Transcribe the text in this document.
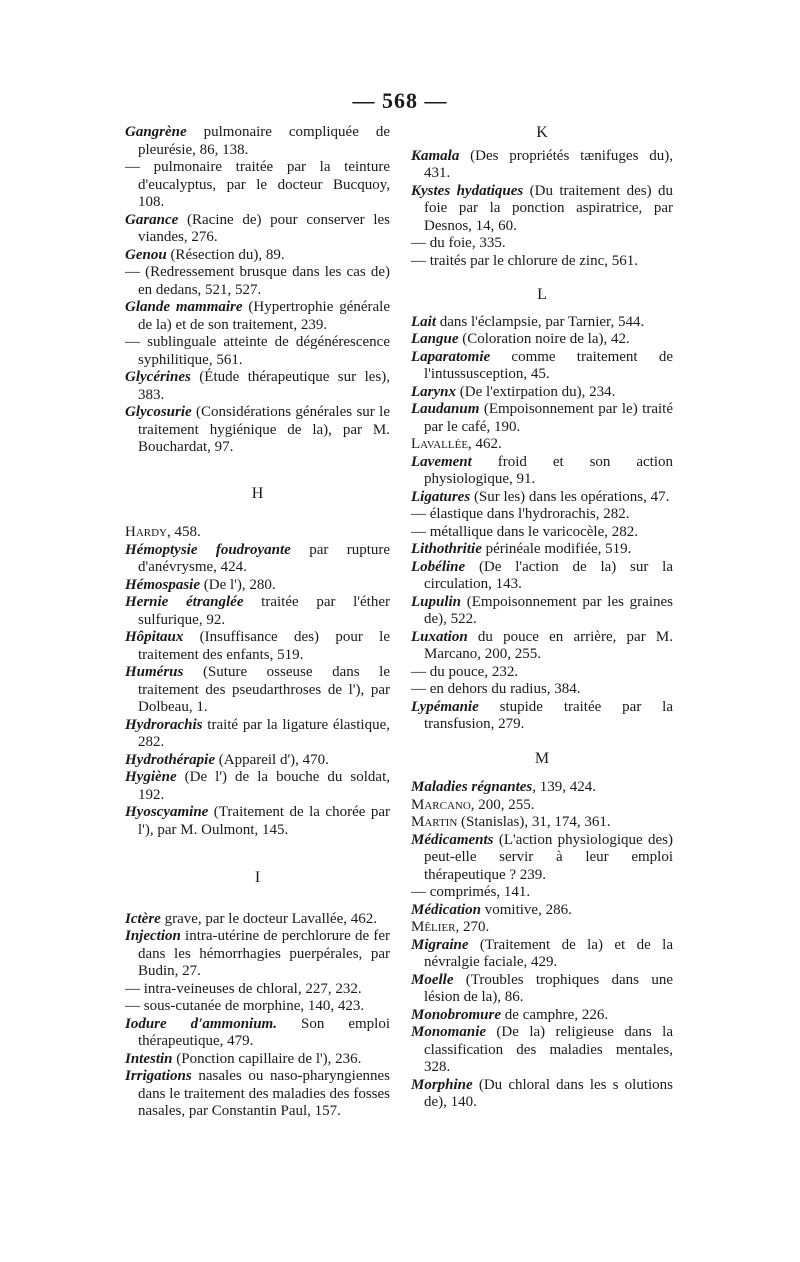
— 568 —

Gangrène pulmonaire compliquée de pleurésie, 86, 138.

— pulmonaire traitée par la teinture d'eucalyptus, par le docteur Bucquoy, 108.

Garance (Racine de) pour conserver les viandes, 276.

Genou (Résection du), 89.

— (Redressement brusque dans les cas de) en dedans, 521, 527.

Glande mammaire (Hypertrophie générale de la) et de son traitement, 239.

— sublinguale atteinte de dégénérescence syphilitique, 561.

Glycérines (Étude thérapeutique sur les), 383.

Glycosurie (Considérations générales sur le traitement hygiénique de la), par M. Bouchardat, 97.

H

Hardy, 458.

Hémoptysie foudroyante par rupture d'anévrysme, 424.

Hémospasie (De l'), 280.

Hernie étranglée traitée par l'éther sulfurique, 92.

Hôpitaux (Insuffisance des) pour le traitement des enfants, 519.

Humérus (Suture osseuse dans le traitement des pseudarthroses de l'), par Dolbeau, 1.

Hydrorachis traité par la ligature élastique, 282.

Hydrothérapie (Appareil d'), 470.

Hygiène (De l') de la bouche du soldat, 192.

Hyoscyamine (Traitement de la chorée par l'), par M. Oulmont, 145.

I

Ictère grave, par le docteur Lavallée, 462.

Injection intra-utérine de perchlorure de fer dans les hémorrhagies puerpérales, par Budin, 27.

— intra-veineuses de chloral, 227, 232.

— sous-cutanée de morphine, 140, 423.

Iodure d'ammonium. Son emploi thérapeutique, 479.

Intestin (Ponction capillaire de l'), 236.

Irrigations nasales ou naso-pharyngiennes dans le traitement des maladies des fosses nasales, par Constantin Paul, 157.

K

Kamala (Des propriétés tænifuges du), 431.

Kystes hydatiques (Du traitement des) du foie par la ponction aspiratrice, par Desnos, 14, 60.

— du foie, 335.

— traités par le chlorure de zinc, 561.

L

Lait dans l'éclampsie, par Tarnier, 544.

Langue (Coloration noire de la), 42.

Laparatomie comme traitement de l'intussusception, 45.

Larynx (De l'extirpation du), 234.

Laudanum (Empoisonnement par le) traité par le café, 190.

Lavallée, 462.

Lavement froid et son action physiologique, 91.

Ligatures (Sur les) dans les opérations, 47.

— élastique dans l'hydrorachis, 282.

— métallique dans le varicocèle, 282.

Lithothritie périnéale modifiée, 519.

Lobéline (De l'action de la) sur la circulation, 143.

Lupulin (Empoisonnement par les graines de), 522.

Luxation du pouce en arrière, par M. Marcano, 200, 255.

— du pouce, 232.

— en dehors du radius, 384.

Lypémanie stupide traitée par la transfusion, 279.

M

Maladies régnantes, 139, 424.

Marcano, 200, 255.

Martin (Stanislas), 31, 174, 361.

Médicaments (L'action physiologique des) peut-elle servir à leur emploi thérapeutique ? 239.

— comprimés, 141.

Médication vomitive, 286.

Mêlier, 270.

Migraine (Traitement de la) et de la névralgie faciale, 429.

Moelle (Troubles trophiques dans une lésion de la), 86.

Monobromure de camphre, 226.

Monomanie (De la) religieuse dans la classification des maladies mentales, 328.

Morphine (Du chloral dans les s olutions de), 140.
